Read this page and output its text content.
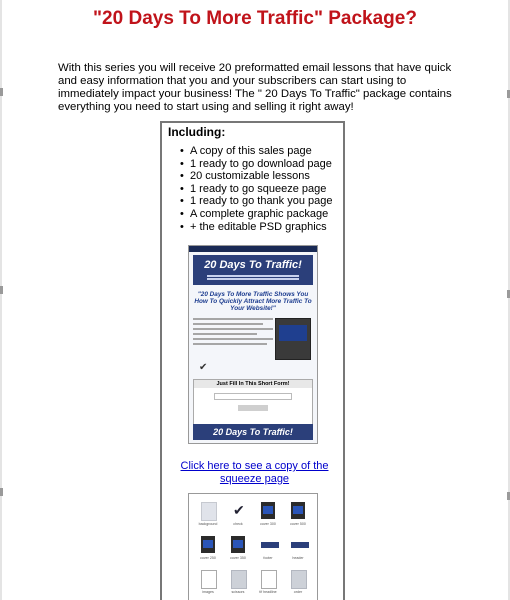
"20 Days To More Traffic" Package?

With this series you will receive 20 preformatted email lessons that have quick and easy information that you and your subscribers can start using to immediately impact your business! The " 20 Days To Traffic" package contains everything you need to start using and selling it right away!

Including:
• A copy of this sales page
• 1 ready to go download page
• 20 customizable lessons
• 1 ready to go squeeze page
• 1 ready to go thank you page
• A complete graphic package
• + the editable PSD graphics
20 Days To Traffic!
"20 Days To More Traffic Shows You How To Quickly Attract More Traffic To Your Website!"
✔
Just Fill In This Short Form!
20 Days To Traffic!
Click here to see a copy of the squeeze page
background
✔
check	cover 300	cover 500
cover 250	cover 350	footer	header
images	scissors	tif headline	order
